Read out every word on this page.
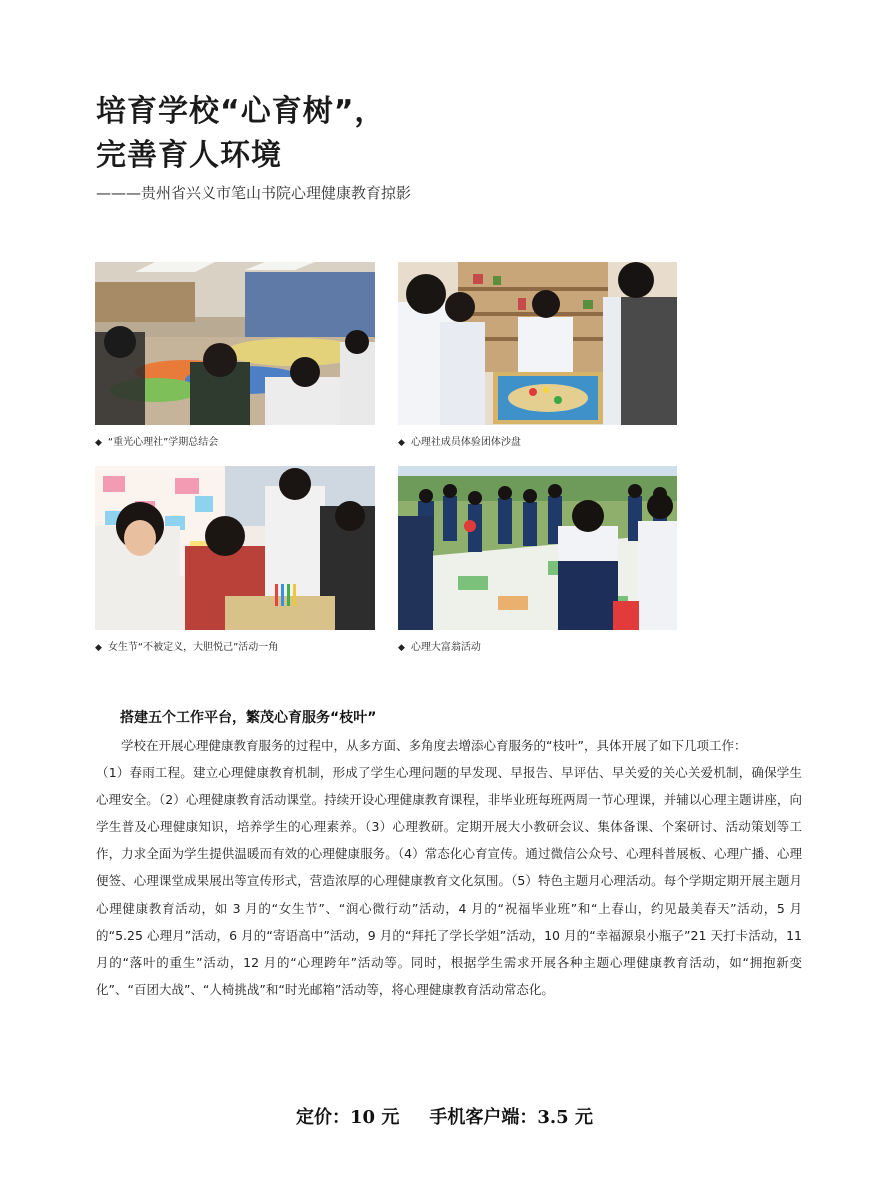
培育学校“心育树”，
完善育人环境
———贵州省兴义市笔山书院心理健康教育掠影
◆ “重光心理社”学期总结会	◆ 心理社成员体验团体沙盘
◆ 女生节“不被定义，大胆悦己”活动一角	◆ 心理大富翁活动
搭建五个工作平台，繁茂心育服务“枝叶”

学校在开展心理健康教育服务的过程中，从多方面、多角度去增添心育服务的“枝叶”，具体开展了如下几项工作：

（1）春雨工程。建立心理健康教育机制，形成了学生心理问题的早发现、早报告、早评估、早关爱的关心关爱机制，确保学生心理安全。（2）心理健康教育活动课堂。持续开设心理健康教育课程，非毕业班每班两周一节心理课，并辅以心理主题讲座，向学生普及心理健康知识，培养学生的心理素养。（3）心理教研。定期开展大小教研会议、集体备课、个案研讨、活动策划等工作，力求全面为学生提供温暖而有效的心理健康服务。（4）常态化心育宣传。通过微信公众号、心理科普展板、心理广播、心理便签、心理课堂成果展出等宣传形式，营造浓厚的心理健康教育文化氛围。（5）特色主题月心理活动。每个学期定期开展主题月心理健康教育活动，如 3 月的“女生节”、“润心微行动”活动，4 月的“祝福毕业班”和“上春山，约见最美春天”活动，5 月的“5.25 心理月”活动，6 月的“寄语高中”活动，9 月的“拜托了学长学姐”活动，10 月的“幸福源泉小瓶子”21 天打卡活动，11 月的“落叶的重生”活动，12 月的“心理跨年”活动等。同时，根据学生需求开展各种主题心理健康教育活动，如“拥抱新变化”、“百团大战”、“人椅挑战”和“时光邮箱”活动等，将心理健康教育活动常态化。

定价：10 元 手机客户端：3.5 元
